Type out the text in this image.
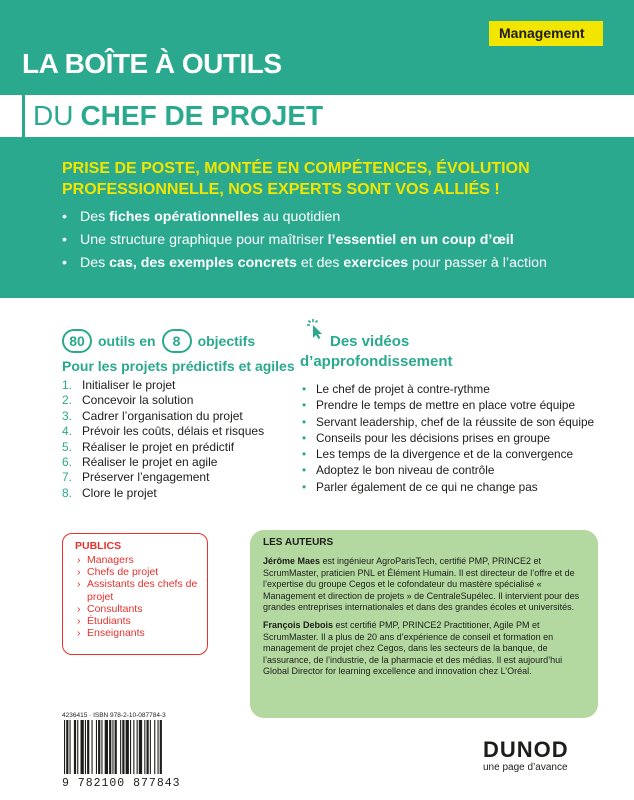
Management
LA BOÎTE À OUTILS
DU CHEF DE PROJET
PRISE DE POSTE, MONTÉE EN COMPÉTENCES, ÉVOLUTION PROFESSIONNELLE, NOS EXPERTS SONT VOS ALLIÉS !
• Des fiches opérationnelles au quotidien
• Une structure graphique pour maîtriser l’essentiel en un coup d’œil
• Des cas, des exemples concrets et des exercices pour passer à l’action
80 outils en 8 objectifs
Pour les projets prédictifs et agiles
1. Initialiser le projet
2. Concevoir la solution
3. Cadrer l’organisation du projet
4. Prévoir les coûts, délais et risques
5. Réaliser le projet en prédictif
6. Réaliser le projet en agile
7. Préserver l’engagement
8. Clore le projet
Des vidéos
d’approfondissement
• Le chef de projet à contre-rythme
• Prendre le temps de mettre en place votre équipe
• Servant leadership, chef de la réussite de son équipe
• Conseils pour les décisions prises en groupe
• Les temps de la divergence et de la convergence
• Adoptez le bon niveau de contrôle
• Parler également de ce qui ne change pas
PUBLICS
› Managers
› Chefs de projet
› Assistants des chefs de projet
› Consultants
› Étudiants
› Enseignants
LES AUTEURS

Jérôme Maes est ingénieur AgroParisTech, certifié PMP, PRINCE2 et ScrumMaster, praticien PNL et Élément Humain. Il est directeur de l’offre et de l’expertise du groupe Cegos et le cofondateur du mastère spécialisé « Management et direction de projets » de CentraleSupélec. Il intervient pour des grandes entreprises internationales et dans des grandes écoles et universités.

François Debois est certifié PMP, PRINCE2 Practitioner, Agile PM et ScrumMaster. Il a plus de 20 ans d’expérience de conseil et formation en management de projet chez Cegos, dans les secteurs de la banque, de l’assurance, de l’industrie, de la pharmacie et des médias. Il est aujourd’hui Global Director for learning excellence and innovation chez L’Oréal.

4236415 · ISBN 978-2-10-087784-3
9 782100 877843
DUNOD
une page d’avance
